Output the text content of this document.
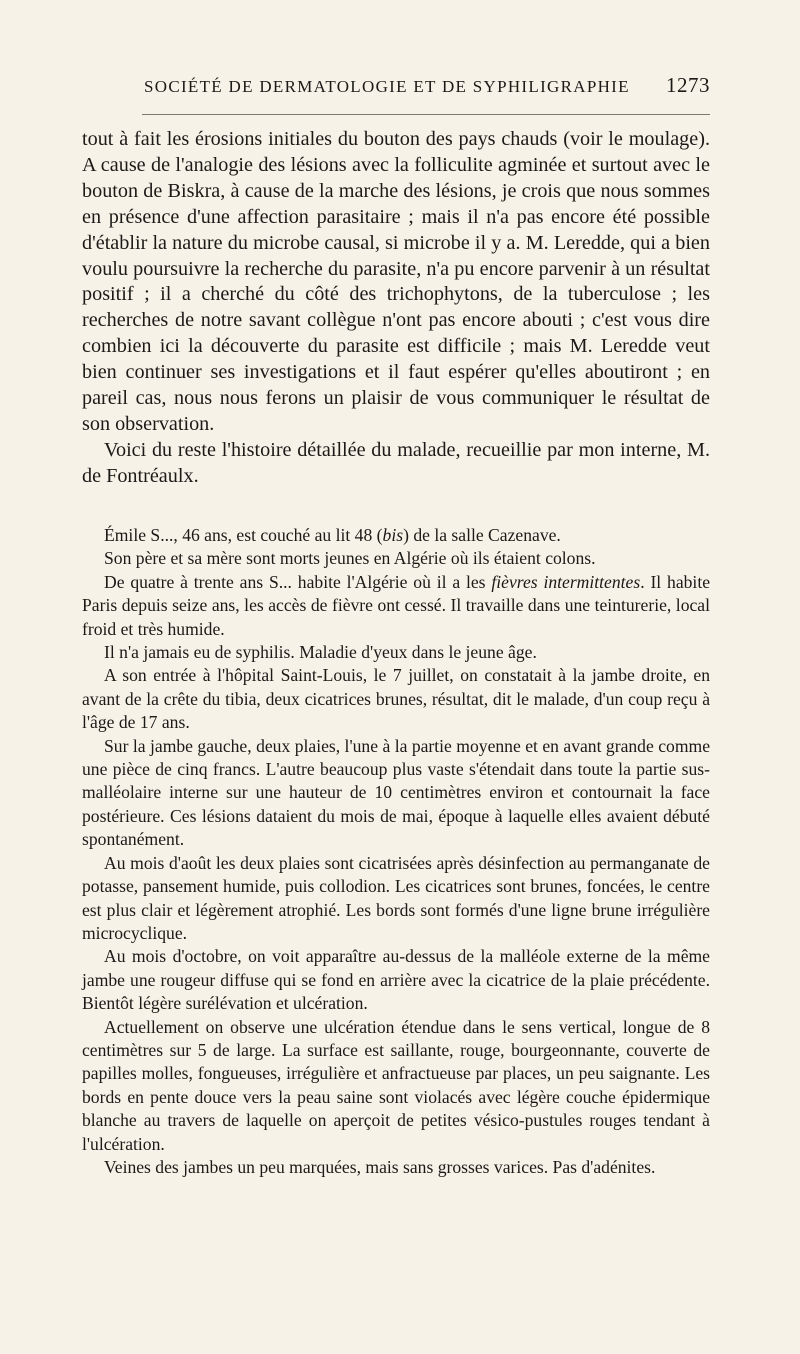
SOCIÉTÉ DE DERMATOLOGIE ET DE SYPHILIGRAPHIE 1273

tout à fait les érosions initiales du bouton des pays chauds (voir le moulage). A cause de l'analogie des lésions avec la folliculite agminée et surtout avec le bouton de Biskra, à cause de la marche des lésions, je crois que nous sommes en présence d'une affection parasitaire ; mais il n'a pas encore été possible d'établir la nature du microbe causal, si microbe il y a. M. Leredde, qui a bien voulu poursuivre la recherche du parasite, n'a pu encore parvenir à un résultat positif ; il a cherché du côté des trichophytons, de la tuberculose ; les recherches de notre savant collègue n'ont pas encore abouti ; c'est vous dire combien ici la découverte du parasite est difficile ; mais M. Leredde veut bien continuer ses investigations et il faut espérer qu'elles aboutiront ; en pareil cas, nous nous ferons un plaisir de vous communiquer le résultat de son observation.

Voici du reste l'histoire détaillée du malade, recueillie par mon interne, M. de Fontréaulx.

Émile S..., 46 ans, est couché au lit 48 (bis) de la salle Cazenave.

Son père et sa mère sont morts jeunes en Algérie où ils étaient colons.

De quatre à trente ans S... habite l'Algérie où il a les fièvres intermittentes. Il habite Paris depuis seize ans, les accès de fièvre ont cessé. Il travaille dans une teinturerie, local froid et très humide.

Il n'a jamais eu de syphilis. Maladie d'yeux dans le jeune âge.

A son entrée à l'hôpital Saint-Louis, le 7 juillet, on constatait à la jambe droite, en avant de la crête du tibia, deux cicatrices brunes, résultat, dit le malade, d'un coup reçu à l'âge de 17 ans.

Sur la jambe gauche, deux plaies, l'une à la partie moyenne et en avant grande comme une pièce de cinq francs. L'autre beaucoup plus vaste s'étendait dans toute la partie sus-malléolaire interne sur une hauteur de 10 centimètres environ et contournait la face postérieure. Ces lésions dataient du mois de mai, époque à laquelle elles avaient débuté spontanément.

Au mois d'août les deux plaies sont cicatrisées après désinfection au permanganate de potasse, pansement humide, puis collodion. Les cicatrices sont brunes, foncées, le centre est plus clair et légèrement atrophié. Les bords sont formés d'une ligne brune irrégulière microcyclique.

Au mois d'octobre, on voit apparaître au-dessus de la malléole externe de la même jambe une rougeur diffuse qui se fond en arrière avec la cicatrice de la plaie précédente. Bientôt légère surélévation et ulcération.

Actuellement on observe une ulcération étendue dans le sens vertical, longue de 8 centimètres sur 5 de large. La surface est saillante, rouge, bourgeonnante, couverte de papilles molles, fongueuses, irrégulière et anfractueuse par places, un peu saignante. Les bords en pente douce vers la peau saine sont violacés avec légère couche épidermique blanche au travers de laquelle on aperçoit de petites vésico-pustules rouges tendant à l'ulcération.

Veines des jambes un peu marquées, mais sans grosses varices. Pas d'adénites.
